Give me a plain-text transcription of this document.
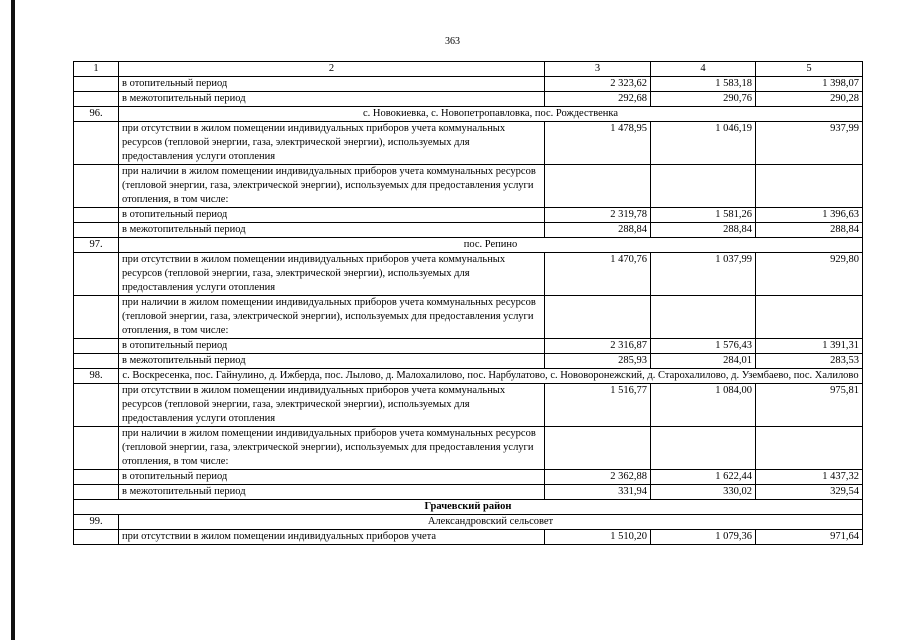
363
1	2	3	4	5
	в отопительный период	2 323,62	1 583,18	1 398,07
	в межотопительный период	292,68	290,76	290,28
96.	с. Новокиевка, с. Новопетропавловка, пос. Рождественка			
	при отсутствии в жилом помещении индивидуальных приборов учета коммунальных ресурсов (тепловой энергии, газа, электрической энергии), используемых для предоставления услуги отопления	1 478,95	1 046,19	937,99
	при наличии в жилом помещении индивидуальных приборов учета коммунальных ресурсов (тепловой энергии, газа, электрической энергии), используемых для предоставления услуги отопления, в том числе:			
	в отопительный период	2 319,78	1 581,26	1 396,63
	в межотопительный период	288,84	288,84	288,84
97.	пос. Репино			
	при отсутствии в жилом помещении индивидуальных приборов учета коммунальных ресурсов (тепловой энергии, газа, электрической энергии), используемых для предоставления услуги отопления	1 470,76	1 037,99	929,80
	при наличии в жилом помещении индивидуальных приборов учета коммунальных ресурсов (тепловой энергии, газа, электрической энергии), используемых для предоставления услуги отопления, в том числе:			
	в отопительный период	2 316,87	1 576,43	1 391,31
	в межотопительный период	285,93	284,01	283,53
98.	с. Воскресенка, пос. Гайнулино, д. Ижберда, пос. Лылово, д. Малохалилово, пос. Нарбулатово, с. Нововоронежский, д. Старохалилово, д. Узембаево, пос. Халилово			
	при отсутствии в жилом помещении индивидуальных приборов учета коммунальных ресурсов (тепловой энергии, газа, электрической энергии), используемых для предоставления услуги отопления	1 516,77	1 084,00	975,81
	при наличии в жилом помещении индивидуальных приборов учета коммунальных ресурсов (тепловой энергии, газа, электрической энергии), используемых для предоставления услуги отопления, в том числе:			
	в отопительный период	2 362,88	1 622,44	1 437,32
	в межотопительный период	331,94	330,02	329,54
Грачевский район				
99.	Александровский сельсовет			
	при отсутствии в жилом помещении индивидуальных приборов учета	1 510,20	1 079,36	971,64
